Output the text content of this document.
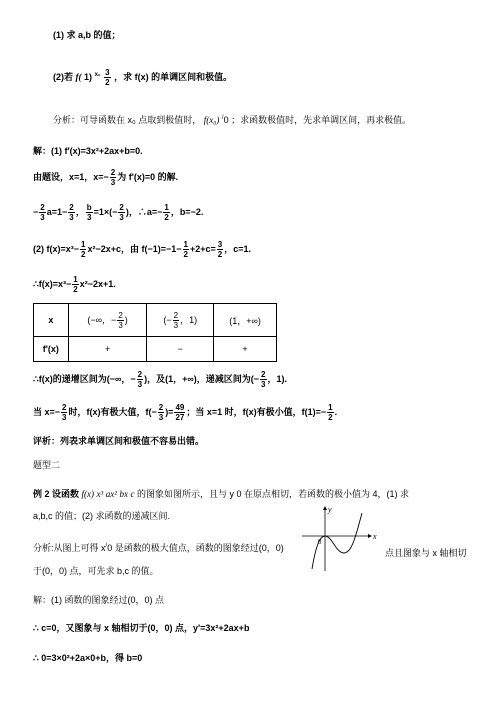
(1) 求 a,b 的值；
(2)若 f( 1) $^{x_0} \frac{3}{2}$ ，求 f(x) 的单调区间和极值。
分析：可导函数在 x₀ 点取到极值时， f(x₀) /0 ；求函数极值时，先求单调区间，再求极值。
解：(1) f'(x)=3x²+2ax+b=0.
由题设，x=1，$x=- \frac{2}{3}$ 为 f'(x)=0 的解.
− $\frac{2}{3} a=1- \frac{2}{3}$ ， $\frac{b}{3} =1\times(- \frac{2}{3}$ )，∴a=− $\frac{1}{2}$ ，b=−2.
(2) $f(x)=x^3- \frac{1}{2} x^2-2x+c$，由 $f(-1)=-1- \frac{1}{2} +2+c= \frac{3}{2}$ ，c=1.
∴f(x)=x³− $\frac{1}{2} x^2-2x+1$.
x	(−∞，− $\frac{2}{3}$ )	(− $\frac{2}{3}$ ，1)	(1，+∞)
f'(x)	+	−	+
∴f(x)的递增区间为(−∞，− $\frac{2}{3}$ )，及(1，+∞)，递减区间为(− $\frac{2}{3}$ ，1).
当 $x=- \frac{2}{3}$ 时，f(x)有极大值，$f(- \frac{2}{3}$ )= $\frac{49}{27}$ ；当 x=1 时，f(x)有极小值，$f(1)=- \frac{1}{2}$ .
评析：列表求单调区间和极值不容易出错。
题型二
例 2 设函数 f(x) x³ ax² bx c 的图象如图所示，且与 y 0 在原点相切，若函数的极小值为 4，(1) 求
a,b,c 的值；(2) 求函数的递减区间.
x
y
0
分析:从图上可得 x/0 是函数的极大值点，函数的图象经过(0，0)	点且图象与 x 轴相切
于(0，0) 点，可先求 b,c 的值。
解：(1) 函数的图象经过(0，0) 点
∴ c=0，又图象与 x 轴相切于(0，0) 点，y'=3x²+2ax+b
∴ 0=3×0²+2a×0+b，得 b=0
